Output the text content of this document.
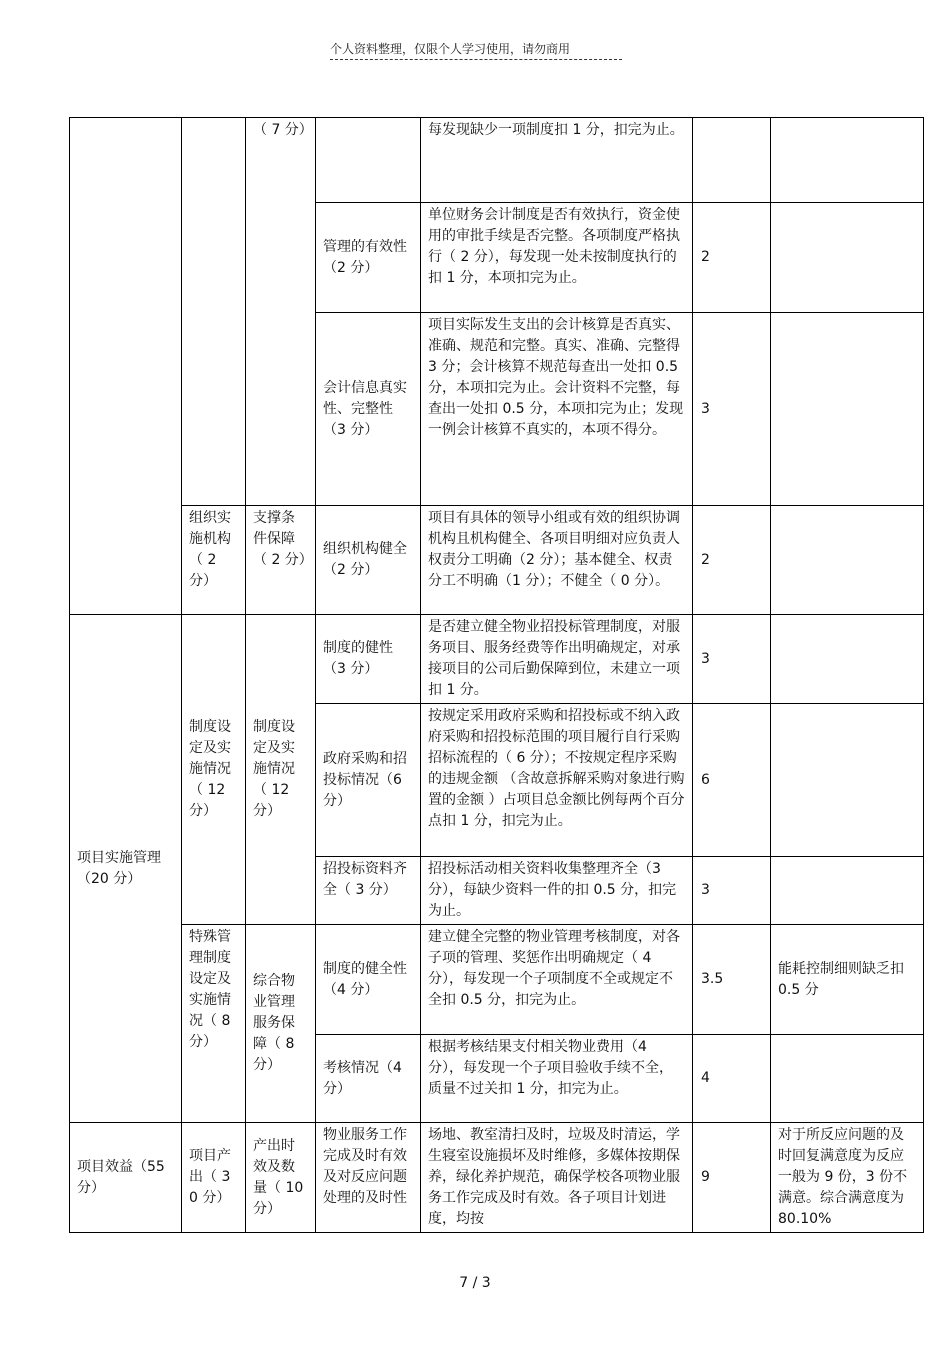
个人资料整理，仅限个人学习使用，请勿商用
		（ 7 分）		每发现缺少一项制度扣 1 分，扣完为止。		
			管理的有效性（2 分）	单位财务会计制度是否有效执行，资金使用的审批手续是否完整。各项制度严格执行（ 2 分），每发现一处未按制度执行的扣 1 分，本项扣完为止。	2	
			会计信息真实性、完整性（3 分）	项目实际发生支出的会计核算是否真实、准确、规范和完整。真实、准确、完整得 3 分；会计核算不规范每查出一处扣 0.5 分，本项扣完为止。会计资料不完整，每查出一处扣 0.5 分，本项扣完为止；发现一例会计核算不真实的，本项不得分。	3	
	组织实施机构（ 2 分）	支撑条件保障（ 2 分）	组织机构健全（2 分）	项目有具体的领导小组或有效的组织协调机构且机构健全、各项目明细对应负责人权责分工明确（2 分）；基本健全、权责分工不明确（1 分）；不健全（ 0 分）。	2	
项目实施管理（20 分）	制度设定及实施情况（ 12 分）	制度设定及实施情况（ 12 分）	制度的健性（3 分）	是否建立健全物业招投标管理制度，对服务项目、服务经费等作出明确规定，对承接项目的公司后勤保障到位，未建立一项扣 1 分。	3	
			政府采购和招投标情况（6 分）	按规定采用政府采购和招投标或不纳入政府采购和招投标范围的项目履行自行采购招标流程的（ 6 分）；不按规定程序采购的违规金额 （含故意拆解采购对象进行购置的金额 ）占项目总金额比例每两个百分点扣 1 分，扣完为止。	6	
			招投标资料齐全（ 3 分）	招投标活动相关资料收集整理齐全（3 分），每缺少资料一件的扣 0.5 分，扣完为止。	3	
	特殊管理制度设定及实施情况（ 8 分）	综合物业管理服务保障（ 8 分）	制度的健全性（4 分）	建立健全完整的物业管理考核制度，对各子项的管理、奖惩作出明确规定（ 4 分），每发现一个子项制度不全或规定不全扣 0.5 分，扣完为止。	3.5	能耗控制细则缺乏扣 0.5 分
			考核情况（4 分）	根据考核结果支付相关物业费用（4 分），每发现一个子项目验收手续不全，质量不过关扣 1 分，扣完为止。	4	
项目效益（55 分）	项目产出（ 30 分）	产出时效及数量（ 10 分）	物业服务工作完成及时有效及对反应问题处理的及时性	场地、教室清扫及时，垃圾及时清运，学生寝室设施损坏及时维修，多媒体按期保养，绿化养护规范，确保学校各项物业服务工作完成及时有效。各子项目计划进度，均按	9	对于所反应问题的及时回复满意度为反应一般为 9 份，3 份不满意。综合满意度为 80.10%
7 / 3
